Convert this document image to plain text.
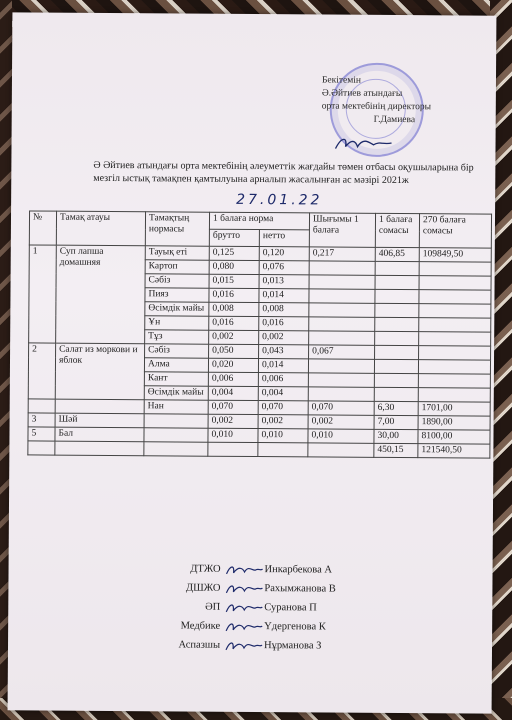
Бекітемін
Ә.Әйтиев атындағы
орта мектебінің директоры
Г.Дамиева
Ә Әйтиев атындағы орта мектебінің әлеуметтік жағдайы төмен отбасы оқушыларына бір мезгіл ыстық тамақпен қамтылуына арналып жасалынған ас мәзірі 2021ж
27.01.22
№	Тамақ атауы	Тамақтың нормасы	1 балаға норма		Шығымы 1 балаға	1 балаға сомасы	270 балаға сомасы
			брутто	нетто			
1	Суп лапша домашняя	Тауық еті	0,125	0,120	0,217	406,85	109849,50
		Картоп	0,080	0,076			
		Сәбіз	0,015	0,013			
		Пияз	0,016	0,014			
		Өсімдік майы	0,008	0,008			
		Ұн	0,016	0,016			
		Тұз	0,002	0,002			
2	Салат из моркови и яблок	Сәбіз	0,050	0,043	0,067		
		Алма	0,020	0,014			
		Кант	0,006	0,006			
		Өсімдік майы	0,004	0,004			
		Нан	0,070	0,070	0,070	6,30	1701,00
3	Шәй		0,002	0,002	0,002	7,00	1890,00
5	Бал		0,010	0,010	0,010	30,00	8100,00
						450,15	121540,50
ДТЖО	Инкарбекова А
ДШЖО	Рахымжанова В
ӘП	Суранова П
Медбике	Үдергенова К
Аспазшы	Нұрманова З
